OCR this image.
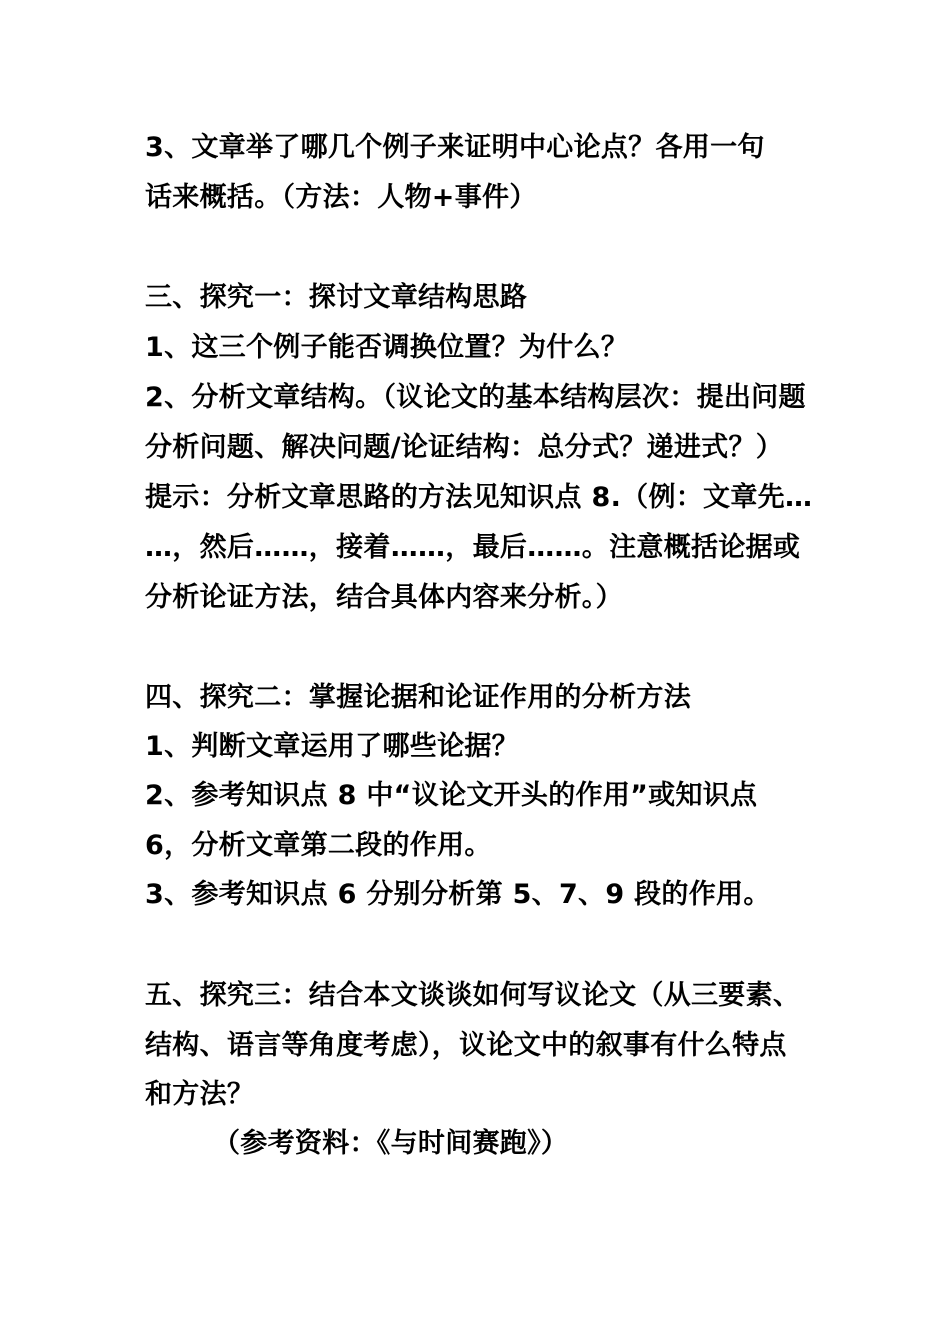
3、文章举了哪几个例子来证明中心论点？各用一句
话来概括。（方法：人物+事件）
三、探究一：探讨文章结构思路
1、这三个例子能否调换位置？为什么？
2、分析文章结构。（议论文的基本结构层次：提出问题
分析问题、解决问题/论证结构：总分式？递进式？）
提示：分析文章思路的方法见知识点 8.（例：文章先…
…，然后……，接着……，最后……。注意概括论据或
分析论证方法，结合具体内容来分析。）
四、探究二：掌握论据和论证作用的分析方法
1、判断文章运用了哪些论据？
2、参考知识点 8 中“议论文开头的作用”或知识点
6，分析文章第二段的作用。
3、参考知识点 6 分别分析第 5、7、9 段的作用。
五、探究三：结合本文谈谈如何写议论文（从三要素、
结构、语言等角度考虑），议论文中的叙事有什么特点
和方法？
（参考资料：《与时间赛跑》）
